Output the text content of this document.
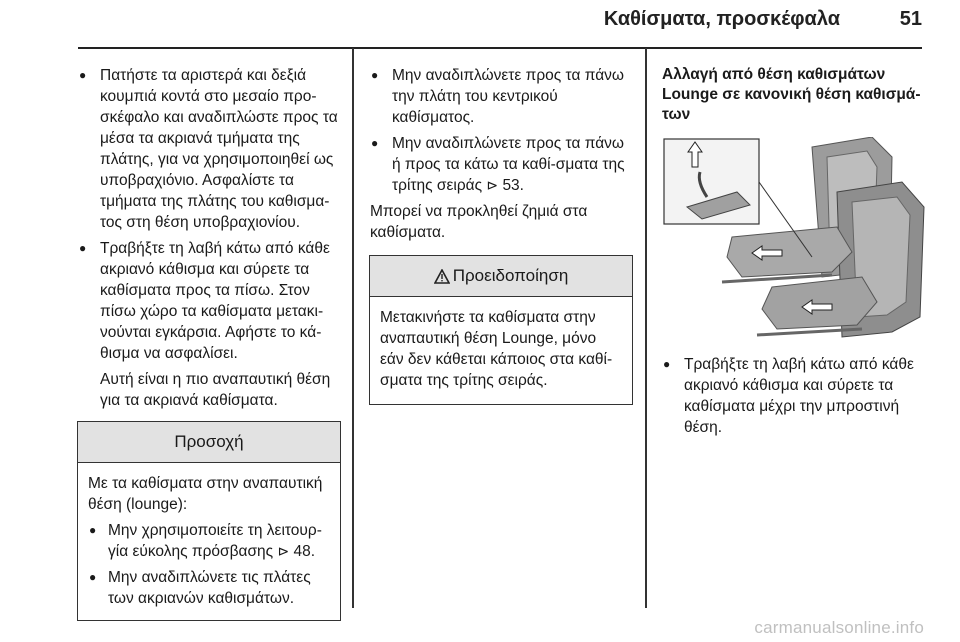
Καθίσματα, προσκέφαλα	51
● Πατήστε τα αριστερά και δεξιά κουμπιά κοντά στο μεσαίο προ-σκέφαλο και αναδιπλώστε προς τα μέσα τα ακριανά τμήματα της πλάτης, για να χρησιμοποιηθεί ως υποβραχιόνιο. Ασφαλίστε τα τμήματα της πλάτης του καθισμα-τος στη θέση υποβραχιονίου.
● Τραβήξτε τη λαβή κάτω από κάθε ακριανό κάθισμα και σύρετε τα καθίσματα προς τα πίσω. Στον πίσω χώρο τα καθίσματα μετακι-νούνται εγκάρσια. Αφήστε το κά-θισμα να ασφαλίσει.

Αυτή είναι η πιο αναπαυτική θέση για τα ακριανά καθίσματα.

Προσοχή

Με τα καθίσματα στην αναπαυτική θέση (lounge):

● Μην χρησιμοποιείτε τη λειτουρ-γία εύκολης πρόσβασης ⊳ 48.
● Μην αναδιπλώνετε τις πλάτες των ακριανών καθισμάτων.
● Μην αναδιπλώνετε προς τα πάνω την πλάτη του κεντρικού καθίσματος.
● Μην αναδιπλώνετε προς τα πάνω ή προς τα κάτω τα καθί-σματα της τρίτης σειράς ⊳ 53.

Μπορεί να προκληθεί ζημιά στα καθίσματα.

Προειδοποίηση

Μετακινήστε τα καθίσματα στην αναπαυτική θέση Lounge, μόνο εάν δεν κάθεται κάποιος στα καθί-σματα της τρίτης σειράς.

Αλλαγή από θέση καθισμάτων Lounge σε κανονική θέση καθισμά-των
● Τραβήξτε τη λαβή κάτω από κάθε ακριανό κάθισμα και σύρετε τα καθίσματα μέχρι την μπροστινή θέση.
carmanualsonline.info
